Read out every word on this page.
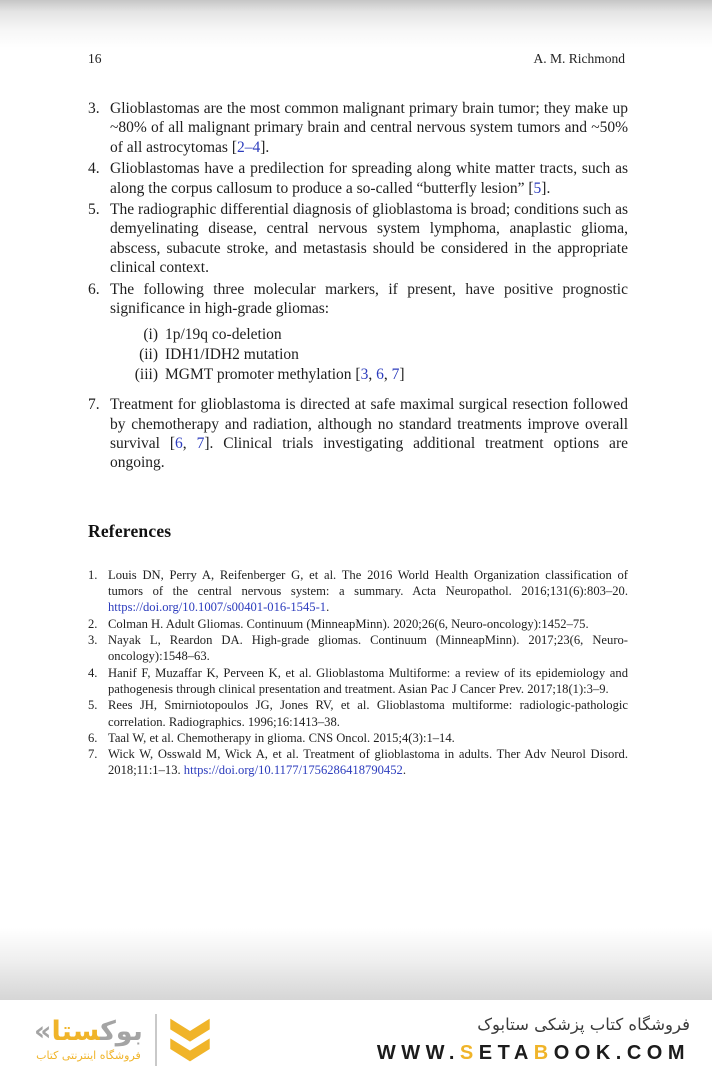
16	A. M. Richmond
3. Glioblastomas are the most common malignant primary brain tumor; they make up ~80% of all malignant primary brain and central nervous system tumors and ~50% of all astrocytomas [2–4].
4. Glioblastomas have a predilection for spreading along white matter tracts, such as along the corpus callosum to produce a so-called “butterfly lesion” [5].
5. The radiographic differential diagnosis of glioblastoma is broad; conditions such as demyelinating disease, central nervous system lymphoma, anaplastic glioma, abscess, subacute stroke, and metastasis should be considered in the appropriate clinical context.
6. The following three molecular markers, if present, have positive prognostic significance in high-grade gliomas:
(i) 1p/19q co-deletion
(ii) IDH1/IDH2 mutation
(iii) MGMT promoter methylation [3, 6, 7]
7. Treatment for glioblastoma is directed at safe maximal surgical resection followed by chemotherapy and radiation, although no standard treatments improve overall survival [6, 7]. Clinical trials investigating additional treatment options are ongoing.
References
1. Louis DN, Perry A, Reifenberger G, et al. The 2016 World Health Organization classification of tumors of the central nervous system: a summary. Acta Neuropathol. 2016;131(6):803–20. https://doi.org/10.1007/s00401-016-1545-1.
2. Colman H. Adult Gliomas. Continuum (MinneapMinn). 2020;26(6, Neuro-oncology):1452–75.
3. Nayak L, Reardon DA. High-grade gliomas. Continuum (MinneapMinn). 2017;23(6, Neuro-oncology):1548–63.
4. Hanif F, Muzaffar K, Perveen K, et al. Glioblastoma Multiforme: a review of its epidemiology and pathogenesis through clinical presentation and treatment. Asian Pac J Cancer Prev. 2017;18(1):3–9.
5. Rees JH, Smirniotopoulos JG, Jones RV, et al. Glioblastoma multiforme: radiologic-pathologic correlation. Radiographics. 1996;16:1413–38.
6. Taal W, et al. Chemotherapy in glioma. CNS Oncol. 2015;4(3):1–14.
7. Wick W, Osswald M, Wick A, et al. Treatment of glioblastoma in adults. Ther Adv Neurol Disord. 2018;11:1–13. https://doi.org/10.1177/1756286418790452.
« بوکستا
فروشگاه اینترنتی کتاب
فروشگاه کتاب پزشکی ستابوک
WWW.SETABOOK.COM
